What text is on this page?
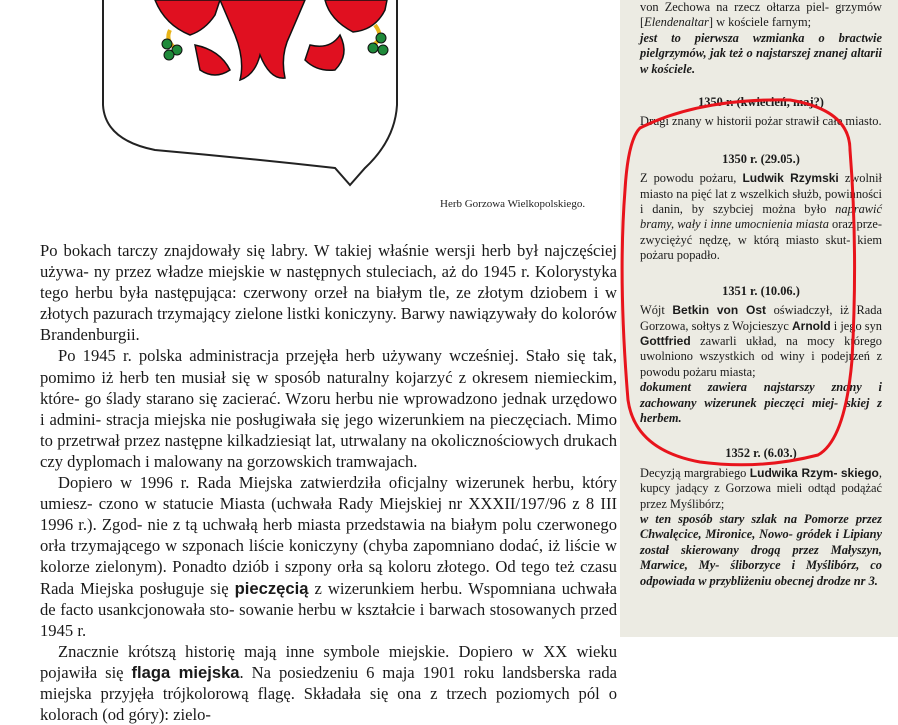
Herb Gorzowa Wielkopolskiego.

Po bokach tarczy znajdowały się labry. W takiej właśnie wersji herb był najczęściej używa- ny przez władze miejskie w następnych stuleciach, aż do 1945 r. Kolorystyka tego herbu była następująca: czerwony orzeł na białym tle, ze złotym dziobem i w złotych pazurach trzymający zielone listki koniczyny. Barwy nawiązywały do kolorów Brandenburgii.

Po 1945 r. polska administracja przejęła herb używany wcześniej. Stało się tak, pomimo iż herb ten musiał się w sposób naturalny kojarzyć z okresem niemieckim, które- go ślady starano się zacierać. Wzoru herbu nie wprowadzono jednak urzędowo i admini- stracja miejska nie posługiwała się jego wizerunkiem na pieczęciach. Mimo to przetrwał przez następne kilkadziesiąt lat, utrwalany na okolicznościowych drukach czy dyplomach i malowany na gorzowskich tramwajach.

Dopiero w 1996 r. Rada Miejska zatwierdziła oficjalny wizerunek herbu, który umiesz- czono w statucie Miasta (uchwała Rady Miejskiej nr XXXII/197/96 z 8 III 1996 r.). Zgod- nie z tą uchwałą herb miasta przedstawia na białym polu czerwonego orła trzymającego w szponach liście koniczyny (chyba zapomniano dodać, iż liście w kolorze zielonym). Ponadto dziób i szpony orła są koloru złotego. Od tego też czasu Rada Miejska posługuje się pieczęcią z wizerunkiem herbu. Wspomniana uchwała de facto usankcjonowała sto- sowanie herbu w kształcie i barwach stosowanych przed 1945 r.

Znacznie krótszą historię mają inne symbole miejskie. Dopiero w XX wieku pojawiła się flaga miejska. Na posiedzeniu 6 maja 1901 roku landsberska rada miejska przyjęła trójkolorową flagę. Składała się ona z trzech poziomych pól o kolorach (od góry): zielo-

von Zechowa na rzecz ołtarza piel- grzymów [Elendenaltar] w kościele farnym;

jest to pierwsza wzmianka o bractwie pielgrzymów, jak też o najstarszej znanej altarii w kościele.

1350 r. (kwiecień, maj?)

Drugi znany w historii pożar strawił całe miasto.

1350 r. (29.05.)

Z powodu pożaru, Ludwik Rzymski zwolnił miasto na pięć lat z wszelkich służb, powinności i danin, by szybciej można było naprawić bramy, wały i inne umocnienia miasta oraz prze- zwyciężyć nędzę, w którą miasto skut- kiem pożaru popadło.

1351 r. (10.06.)

Wójt Betkin von Ost oświadczył, iż Rada Gorzowa, sołtys z Wojcieszyc Arnold i jego syn Gottfried zawarli układ, na mocy którego uwolniono wszystkich od winy i podejrzeń z powodu pożaru miasta;

dokument zawiera najstarszy znany i zachowany wizerunek pieczęci miej- skiej z herbem.

1352 r. (6.03.)

Decyzją margrabiego Ludwika Rzym- skiego, kupcy jadący z Gorzowa mieli odtąd podążać przez Myślibórz;

w ten sposób stary szlak na Pomorze przez Chwalęcice, Mironice, Nowo- gródek i Lipiany został skierowany drogą przez Małyszyn, Marwice, My- śliborzyce i Myślibórz, co odpowiada w przybliżeniu obecnej drodze nr 3.
